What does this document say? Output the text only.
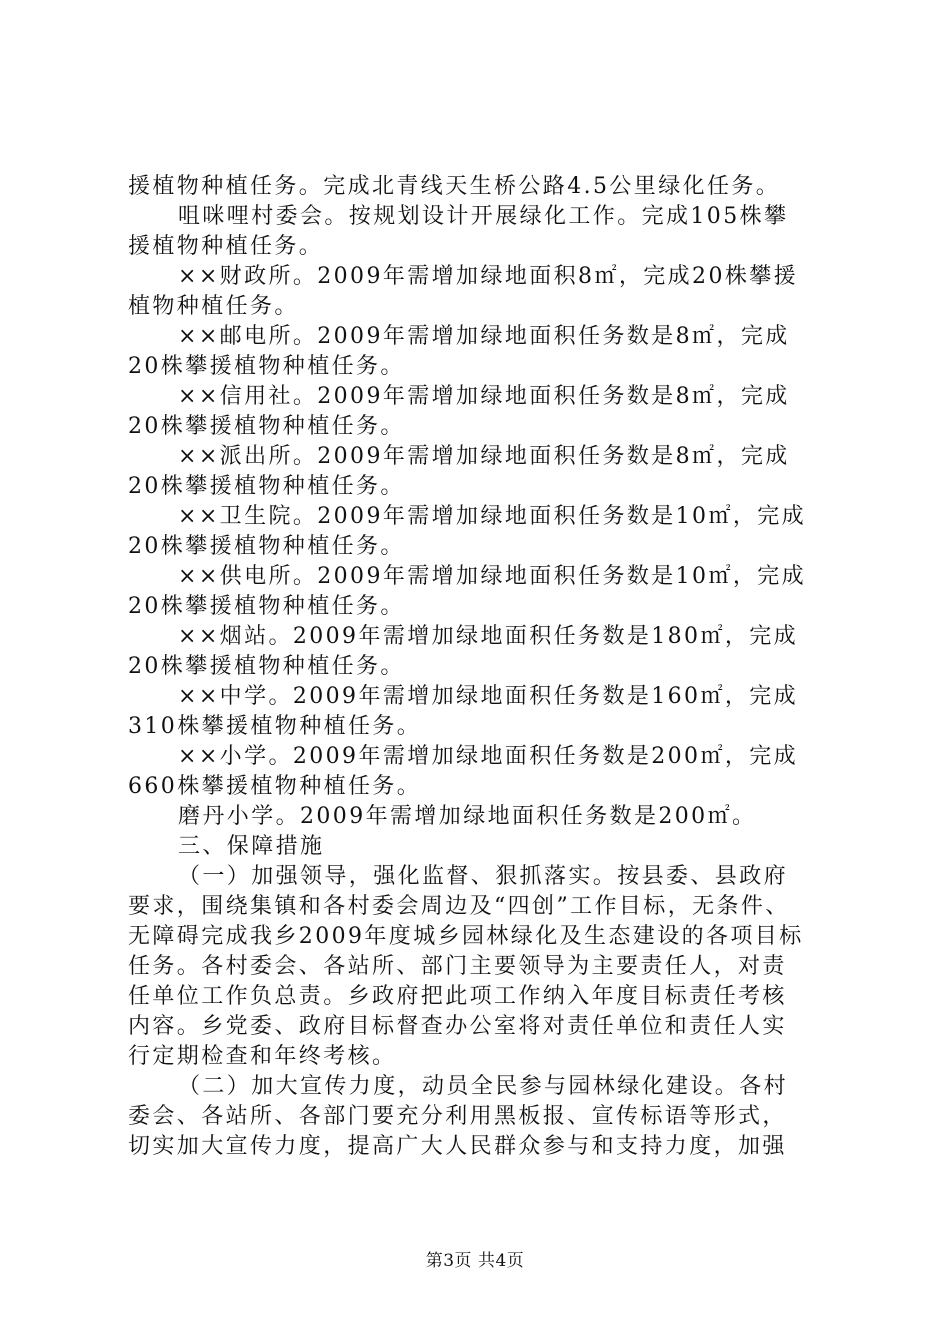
援植物种植任务。完成北青线天生桥公路4.5公里绿化任务。
咀咪哩村委会。按规划设计开展绿化工作。完成105株攀
援植物种植任务。
××财政所。2009年需增加绿地面积8㎡，完成20株攀援
植物种植任务。
××邮电所。2009年需增加绿地面积任务数是8㎡，完成
20株攀援植物种植任务。
××信用社。2009年需增加绿地面积任务数是8㎡，完成
20株攀援植物种植任务。
××派出所。2009年需增加绿地面积任务数是8㎡，完成
20株攀援植物种植任务。
××卫生院。2009年需增加绿地面积任务数是10㎡，完成
20株攀援植物种植任务。
××供电所。2009年需增加绿地面积任务数是10㎡，完成
20株攀援植物种植任务。
××烟站。2009年需增加绿地面积任务数是180㎡，完成
20株攀援植物种植任务。
××中学。2009年需增加绿地面积任务数是160㎡，完成
310株攀援植物种植任务。
××小学。2009年需增加绿地面积任务数是200㎡，完成
660株攀援植物种植任务。
磨丹小学。2009年需增加绿地面积任务数是200㎡。
三、保障措施
（一）加强领导，强化监督、狠抓落实。按县委、县政府
要求，围绕集镇和各村委会周边及“四创”工作目标，无条件、
无障碍完成我乡2009年度城乡园林绿化及生态建设的各项目标
任务。各村委会、各站所、部门主要领导为主要责任人，对责
任单位工作负总责。乡政府把此项工作纳入年度目标责任考核
内容。乡党委、政府目标督查办公室将对责任单位和责任人实
行定期检查和年终考核。
（二）加大宣传力度，动员全民参与园林绿化建设。各村
委会、各站所、各部门要充分利用黑板报、宣传标语等形式，
切实加大宣传力度，提高广大人民群众参与和支持力度，加强
第3页 共4页
